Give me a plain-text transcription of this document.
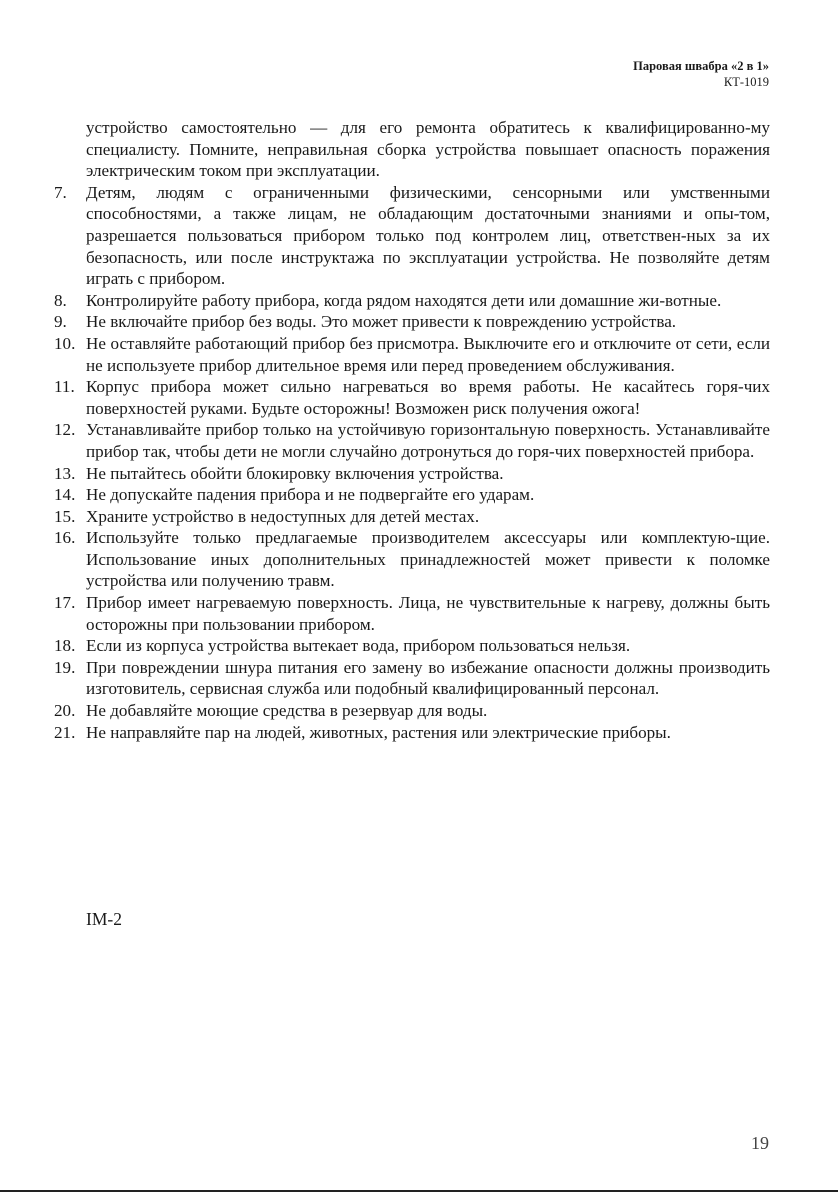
Паровая швабра «2 в 1»
КТ-1019
устройство самостоятельно — для его ремонта обратитесь к квалифицированно-му специалисту. Помните, неправильная сборка устройства повышает опасность поражения электрическим током при эксплуатации.
7.	Детям, людям с ограниченными физическими, сенсорными или умственными способностями, а также лицам, не обладающим достаточными знаниями и опы-том, разрешается пользоваться прибором только под контролем лиц, ответствен-ных за их безопасность, или после инструктажа по эксплуатации устройства. Не позволяйте детям играть с прибором.
8.	Контролируйте работу прибора, когда рядом находятся дети или домашние жи-вотные.
9.	Не включайте прибор без воды. Это может привести к повреждению устройства.
10. Не оставляйте работающий прибор без присмотра. Выключите его и отключите от сети, если не используете прибор длительное время или перед проведением обслуживания.
11. Корпус прибора может сильно нагреваться во время работы. Не касайтесь горя-чих поверхностей руками. Будьте осторожны! Возможен риск получения ожога!
12. Устанавливайте прибор только на устойчивую горизонтальную поверхность. Устанавливайте прибор так, чтобы дети не могли случайно дотронуться до горя-чих поверхностей прибора.
13. Не пытайтесь обойти блокировку включения устройства.
14. Не допускайте падения прибора и не подвергайте его ударам.
15. Храните устройство в недоступных для детей местах.
16. Используйте только предлагаемые производителем аксессуары или комплектую-щие. Использование иных дополнительных принадлежностей может привести к поломке устройства или получению травм.
17. Прибор имеет нагреваемую поверхность. Лица, не чувствительные к нагреву, должны быть осторожны при пользовании прибором.
18. Если из корпуса устройства вытекает вода, прибором пользоваться нельзя.
19. При повреждении шнура питания его замену во избежание опасности должны производить изготовитель, сервисная служба или подобный квалифицированный персонал.
20. Не добавляйте моющие средства в резервуар для воды.
21. Не направляйте пар на людей, животных, растения или электрические приборы.
IM-2
19
